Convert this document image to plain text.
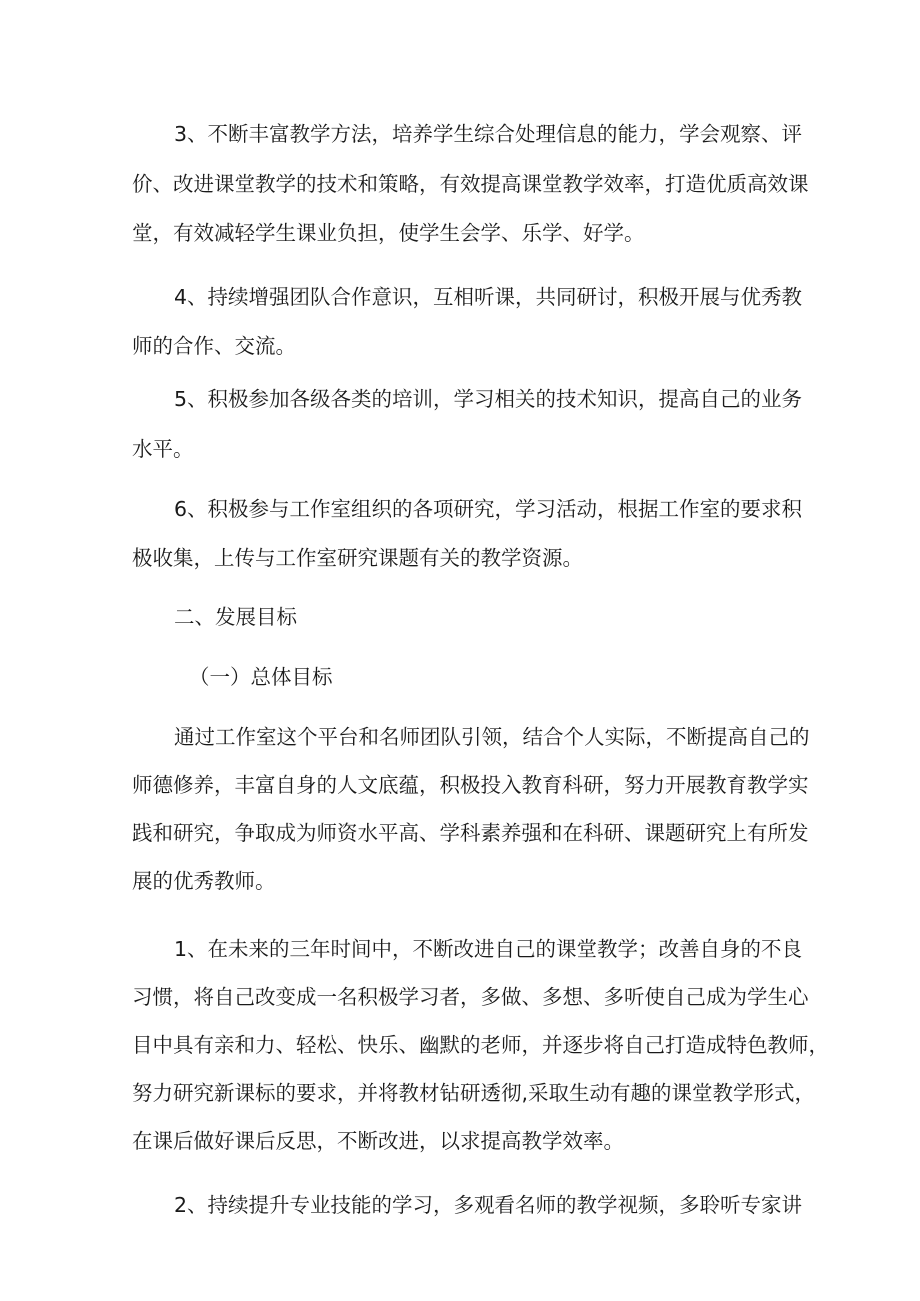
3、不断丰富教学方法，培养学生综合处理信息的能力，学会观察、评
价、改进课堂教学的技术和策略，有效提高课堂教学效率，打造优质高效课
堂，有效减轻学生课业负担，使学生会学、乐学、好学。
4、持续增强团队合作意识，互相听课，共同研讨，积极开展与优秀教
师的合作、交流。
5、积极参加各级各类的培训，学习相关的技术知识，提高自己的业务
水平。
6、积极参与工作室组织的各项研究，学习活动，根据工作室的要求积
极收集，上传与工作室研究课题有关的教学资源。
二、发展目标
（一）总体目标
通过工作室这个平台和名师团队引领，结合个人实际，不断提高自己的
师德修养，丰富自身的人文底蕴，积极投入教育科研，努力开展教育教学实
践和研究，争取成为师资水平高、学科素养强和在科研、课题研究上有所发
展的优秀教师。
1、在未来的三年时间中，不断改进自己的课堂教学；改善自身的不良
习惯，将自己改变成一名积极学习者，多做、多想、多听使自己成为学生心
目中具有亲和力、轻松、快乐、幽默的老师，并逐步将自己打造成特色教师，
努力研究新课标的要求，并将教材钻研透彻,采取生动有趣的课堂教学形式，
在课后做好课后反思，不断改进，以求提高教学效率。
2、持续提升专业技能的学习，多观看名师的教学视频，多聆听专家讲
